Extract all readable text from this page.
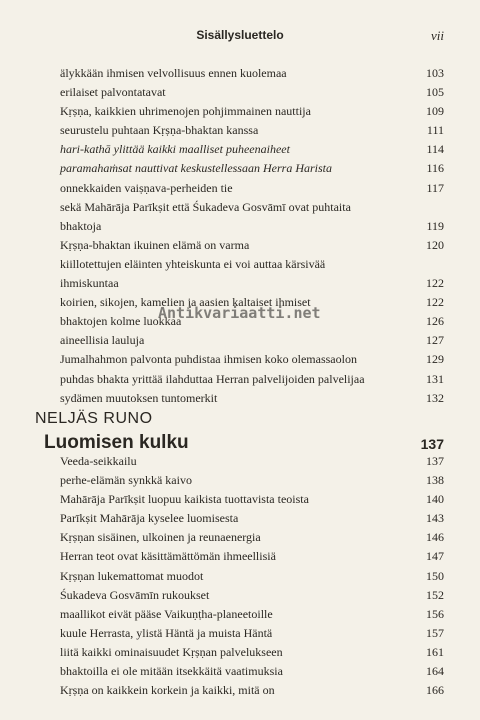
Sisällysluettelo	vii
älykkään ihmisen velvollisuus ennen kuolemaa	103
erilaiset palvontatavat	105
Kṛṣṇa, kaikkien uhrimenojen pohjimmainen nauttija	109
seurustelu puhtaan Kṛṣṇa-bhaktan kanssa	111
hari-kathā ylittää kaikki maalliset puheenaiheet	114
paramahaṁsat nauttivat keskustellessaan Herra Harista	116
onnekkaiden vaiṣṇava-perheiden tie	117
sekä Mahārāja Parīkṣit että Śukadeva Gosvāmī ovat puhtaita
bhaktoja	119
Kṛṣṇa-bhaktan ikuinen elämä on varma	120
kiillotettujen eläinten yhteiskunta ei voi auttaa kärsivää
ihmiskuntaa	122
koirien, sikojen, kamelien ja aasien kaltaiset ihmiset	122
bhaktojen kolme luokkaa	126
aineellisia lauluja	127
Jumalhahmon palvonta puhdistaa ihmisen koko olemassaolon	129
puhdas bhakta yrittää ilahduttaa Herran palvelijoiden palvelijaa	131
sydämen muutoksen tuntomerkit	132
NELJÄS RUNO
Luomisen kulku	137
Veeda-seikkailu	137
perhe-elämän synkkä kaivo	138
Mahārāja Parīkṣit luopuu kaikista tuottavista teoista	140
Parīkṣit Mahārāja kyselee luomisesta	143
Kṛṣṇan sisäinen, ulkoinen ja reunaenergia	146
Herran teot ovat käsittämättömän ihmeellisiä	147
Kṛṣṇan lukemattomat muodot	150
Śukadeva Gosvāmīn rukoukset	152
maallikot eivät pääse Vaikuṇṭha-planeetoille	156
kuule Herrasta, ylistä Häntä ja muista Häntä	157
liitä kaikki ominaisuudet Kṛṣṇan palvelukseen	161
bhaktoilla ei ole mitään itsekkäitä vaatimuksia	164
Kṛṣṇa on kaikkein korkein ja kaikki, mitä on	166
Antikvariaatti.net
